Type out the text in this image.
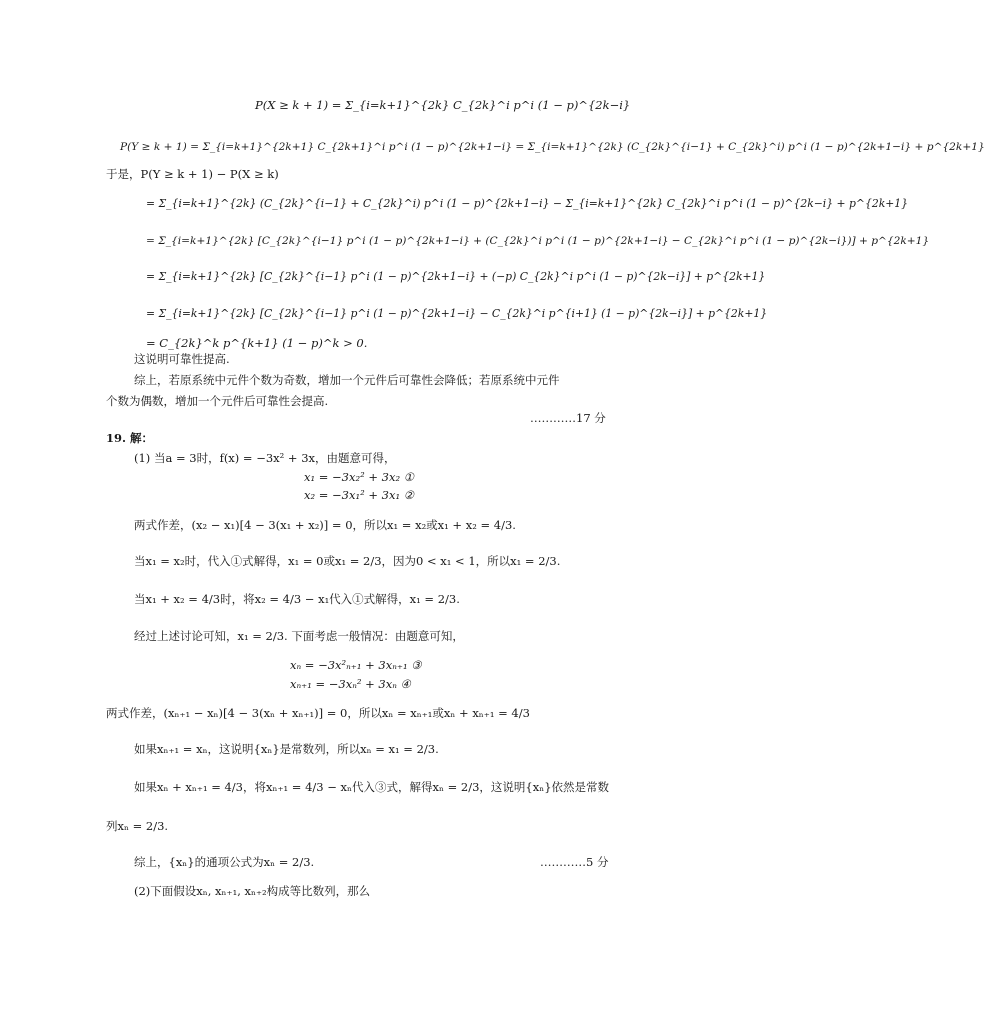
P(X ≥ k + 1) = Σ_{i=k+1}^{2k} C_{2k}^i p^i (1 − p)^{2k−i}
P(Y ≥ k + 1) = Σ_{i=k+1}^{2k+1} C_{2k+1}^i p^i (1 − p)^{2k+1−i} = Σ_{i=k+1}^{2k} (C_{2k}^{i−1} + C_{2k}^i) p^i (1 − p)^{2k+1−i} + p^{2k+1}
于是，P(Y ≥ k + 1) − P(X ≥ k)
= Σ_{i=k+1}^{2k} (C_{2k}^{i−1} + C_{2k}^i) p^i (1 − p)^{2k+1−i} − Σ_{i=k+1}^{2k} C_{2k}^i p^i (1 − p)^{2k−i} + p^{2k+1}
= Σ_{i=k+1}^{2k} [C_{2k}^{i−1} p^i (1 − p)^{2k+1−i} + (C_{2k}^i p^i (1 − p)^{2k+1−i} − C_{2k}^i p^i (1 − p)^{2k−i})] + p^{2k+1}
= Σ_{i=k+1}^{2k} [C_{2k}^{i−1} p^i (1 − p)^{2k+1−i} + (−p) C_{2k}^i p^i (1 − p)^{2k−i}] + p^{2k+1}
= Σ_{i=k+1}^{2k} [C_{2k}^{i−1} p^i (1 − p)^{2k+1−i} − C_{2k}^i p^{i+1} (1 − p)^{2k−i}] + p^{2k+1}
= C_{2k}^k p^{k+1} (1 − p)^k > 0.
这说明可靠性提高.
综上，若原系统中元件个数为奇数，增加一个元件后可靠性会降低；若原系统中元件
个数为偶数，增加一个元件后可靠性会提高.
…………17 分
19. 解：
(1) 当a = 3时，f(x) = −3x² + 3x，由题意可得，
x₁ = −3x₂² + 3x₂ ①
x₂ = −3x₁² + 3x₁ ②
两式作差，(x₂ − x₁)[4 − 3(x₁ + x₂)] = 0，所以x₁ = x₂或x₁ + x₂ = 4/3.
当x₁ = x₂时，代入①式解得，x₁ = 0或x₁ = 2/3，因为0 < x₁ < 1，所以x₁ = 2/3.
当x₁ + x₂ = 4/3时，将x₂ = 4/3 − x₁代入①式解得，x₁ = 2/3.
经过上述讨论可知，x₁ = 2/3. 下面考虑一般情况：由题意可知，
xₙ = −3x²ₙ₊₁ + 3xₙ₊₁ ③
xₙ₊₁ = −3xₙ² + 3xₙ ④
两式作差，(xₙ₊₁ − xₙ)[4 − 3(xₙ + xₙ₊₁)] = 0，所以xₙ = xₙ₊₁或xₙ + xₙ₊₁ = 4/3
如果xₙ₊₁ = xₙ，这说明{xₙ}是常数列，所以xₙ = x₁ = 2/3.
如果xₙ + xₙ₊₁ = 4/3，将xₙ₊₁ = 4/3 − xₙ代入③式，解得xₙ = 2/3，这说明{xₙ}依然是常数
列xₙ = 2/3.
综上，{xₙ}的通项公式为xₙ = 2/3.	…………5 分
(2)下面假设xₙ, xₙ₊₁, xₙ₊₂构成等比数列，那么
